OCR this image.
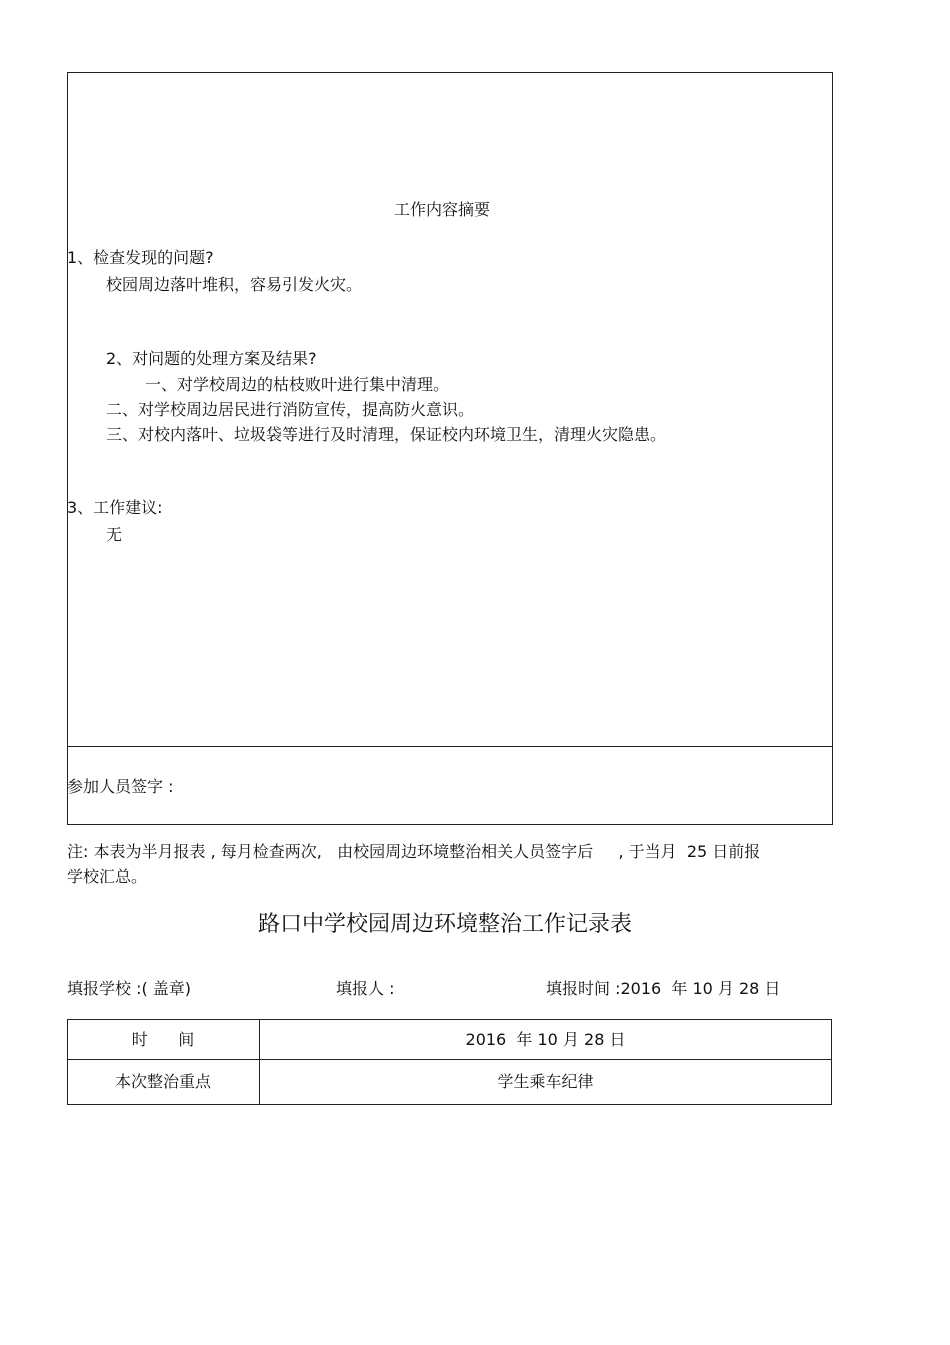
工作内容摘要
1、检查发现的问题?
校园周边落叶堆积，容易引发火灾。
2、对问题的处理方案及结果?
一、对学校周边的枯枝败叶进行集中清理。
二、对学校周边居民进行消防宣传，提高防火意识。
三、对校内落叶、垃圾袋等进行及时清理，保证校内环境卫生，清理火灾隐患。
3、工作建议:
无
参加人员签字 :
注: 本表为半月报表 , 每月检查两次,   由校园周边环境整治相关人员签字后     , 于当月  25 日前报
学校汇总。
路口中学校园周边环境整治工作记录表
填报学校 :( 盖章)	填报人 :	填报时间 :2016  年 10 月 28 日
时      间	2016  年 10 月 28 日
本次整治重点	学生乘车纪律
